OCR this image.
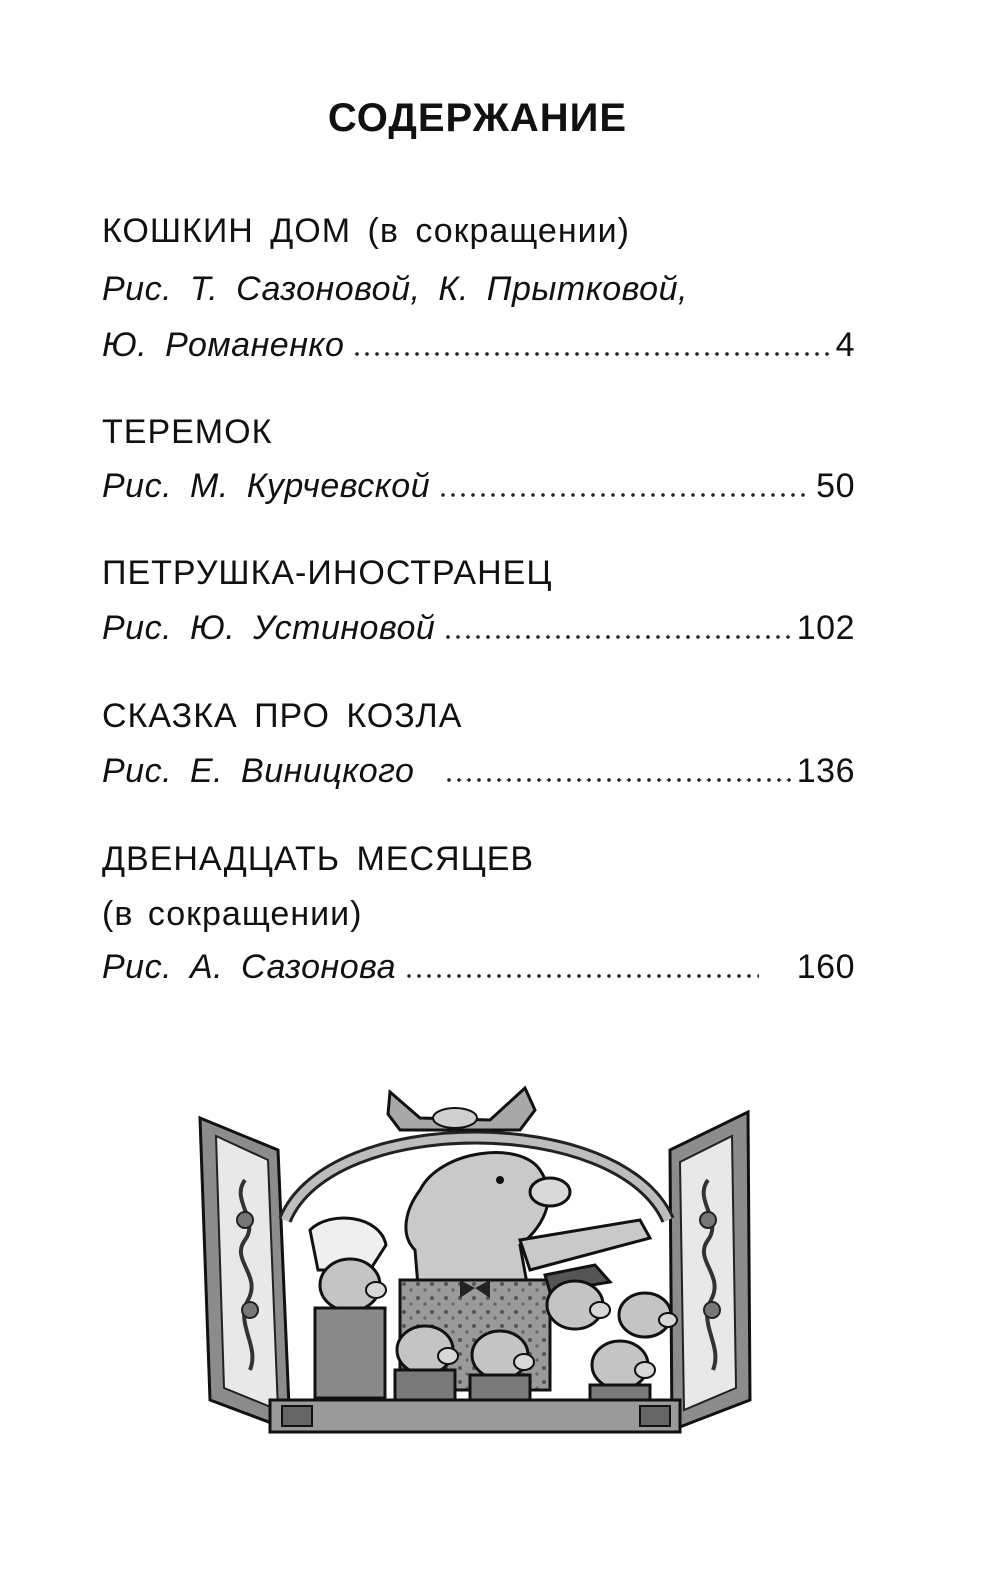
СОДЕРЖАНИЕ
КОШКИН ДОМ (в сокращении)
Рис. Т. Сазоновой, К. Прытковой,
Ю. Романенко	4
ТЕРЕМОК
Рис. М. Курчевской	50
ПЕТРУШКА-ИНОСТРАНЕЦ
Рис. Ю. Устиновой	102
СКАЗКА ПРО КОЗЛА
Рис. Е. Виницкого	136
ДВЕНАДЦАТЬ МЕСЯЦЕВ
(в сокращении)
Рис. А. Сазонова	160
